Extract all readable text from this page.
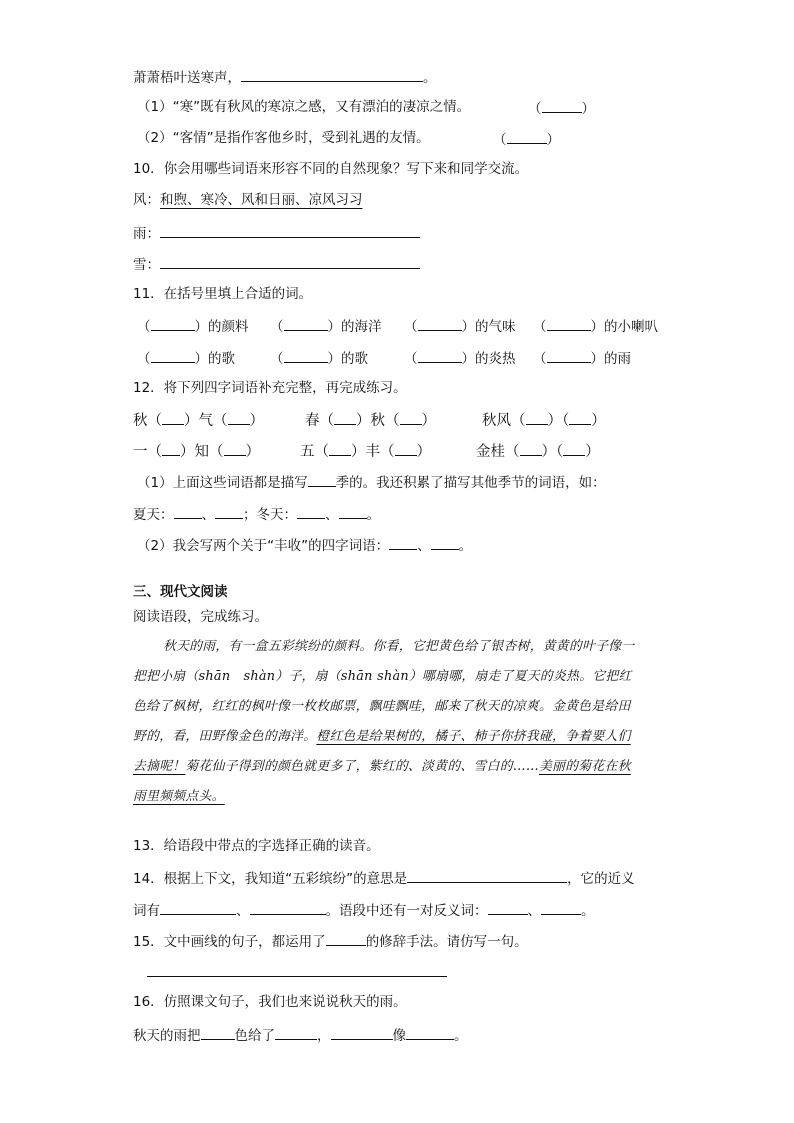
萧萧梧叶送寒声，	。
（1）“寒”既有秋风的寒凉之感，又有漂泊的凄凉之情。	（	）
（2）“客情”是指作客他乡时，受到礼遇的友情。	（	）
10．你会用哪些词语来形容不同的自然现象？写下来和同学交流。
风：和煦、寒冷、风和日丽、凉风习习
雨：
雪：
11．在括号里填上合适的词。
（	）的颜料 （	）的海洋 （	）的气味 （	）的小喇叭
（	）的歌	（	）的歌	（	）的炎热 （	）的雨
12．将下列四字词语补充完整，再完成练习。
秋（ ）气（ ）	春（ ）秋（ ）	秋风（ ）（ ）
一（ ）知（ ）	五（ ）丰（ ）	金桂（ ）（ ）
（1）上面这些词语都是描写 季的。我还积累了描写其他季节的词语，如：
夏天： 、 ；冬天： 、 。
（2）我会写两个关于“丰收”的四字词语： 、 。
三、现代文阅读
阅读语段，完成练习。
秋天的雨，有一盒五彩缤纷的颜料。你看，它把黄色给了银杏树，黄黄的叶子像一
把把小扇（shān　shàn）子，扇（shān shàn）哪扇哪，扇走了夏天的炎热。它把红
色给了枫树，红红的枫叶像一枚枚邮票，飘哇飘哇，邮来了秋天的凉爽。金黄色是给田
野的，看，田野像金色的海洋。橙红色是给果树的，橘子、柿子你挤我碰，争着要人们
去摘呢！菊花仙子得到的颜色就更多了，紫红的、淡黄的、雪白的……美丽的菊花在秋
雨里频频点头。
13．给语段中带点的字选择正确的读音。
14．根据上下文，我知道“五彩缤纷”的意思是	，它的近义
词有	、	。语段中还有一对反义词：	、	。
15．文中画线的句子，都运用了	的修辞手法。请仿写一句。
16．仿照课文句子，我们也来说说秋天的雨。
秋天的雨把	色给了	，	像	。
